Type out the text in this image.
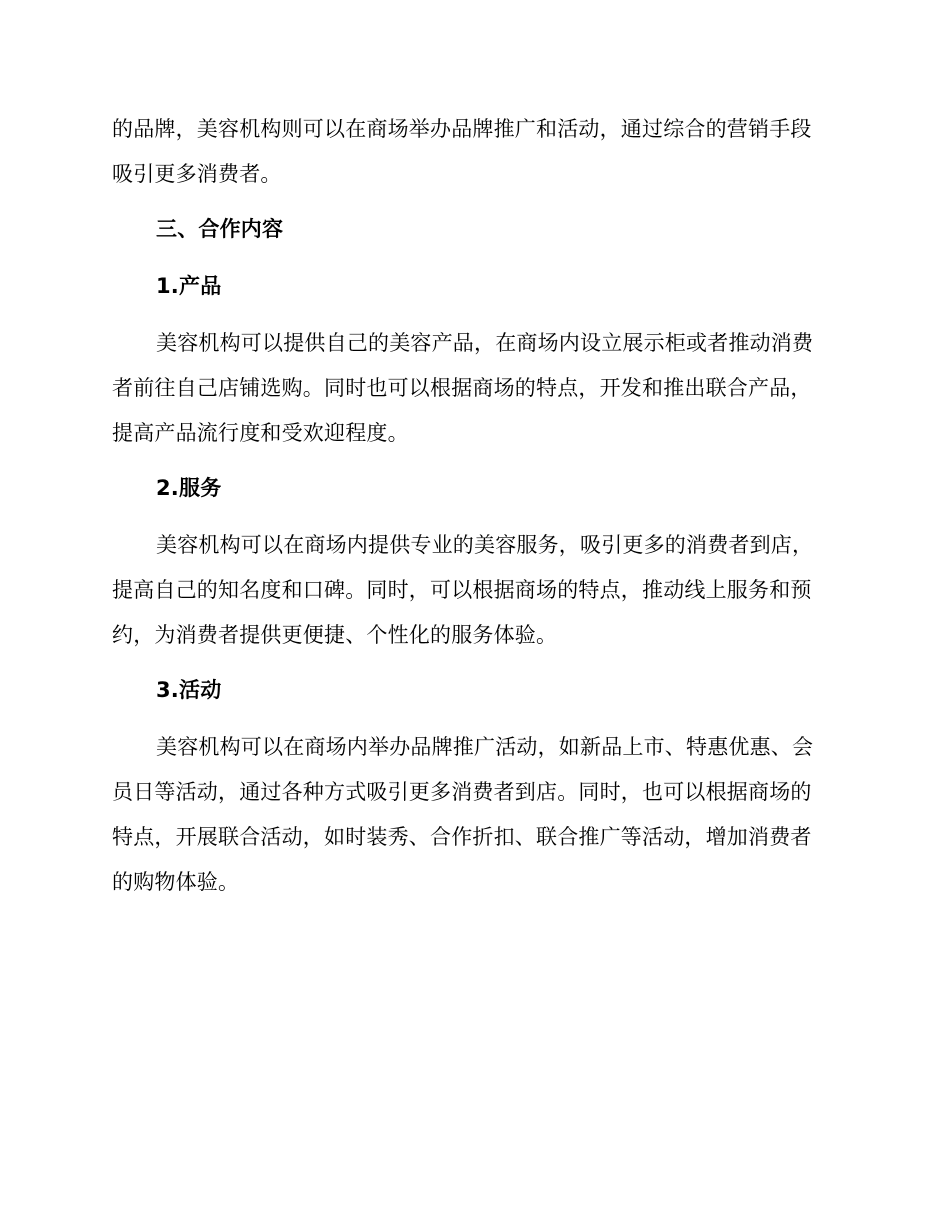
的品牌，美容机构则可以在商场举办品牌推广和活动，通过综合的营销手段吸引更多消费者。

三、合作内容

1.产品

美容机构可以提供自己的美容产品，在商场内设立展示柜或者推动消费者前往自己店铺选购。同时也可以根据商场的特点，开发和推出联合产品，提高产品流行度和受欢迎程度。

2.服务

美容机构可以在商场内提供专业的美容服务，吸引更多的消费者到店，提高自己的知名度和口碑。同时，可以根据商场的特点，推动线上服务和预约，为消费者提供更便捷、个性化的服务体验。

3.活动

美容机构可以在商场内举办品牌推广活动，如新品上市、特惠优惠、会员日等活动，通过各种方式吸引更多消费者到店。同时，也可以根据商场的特点，开展联合活动，如时装秀、合作折扣、联合推广等活动，增加消费者的购物体验。
